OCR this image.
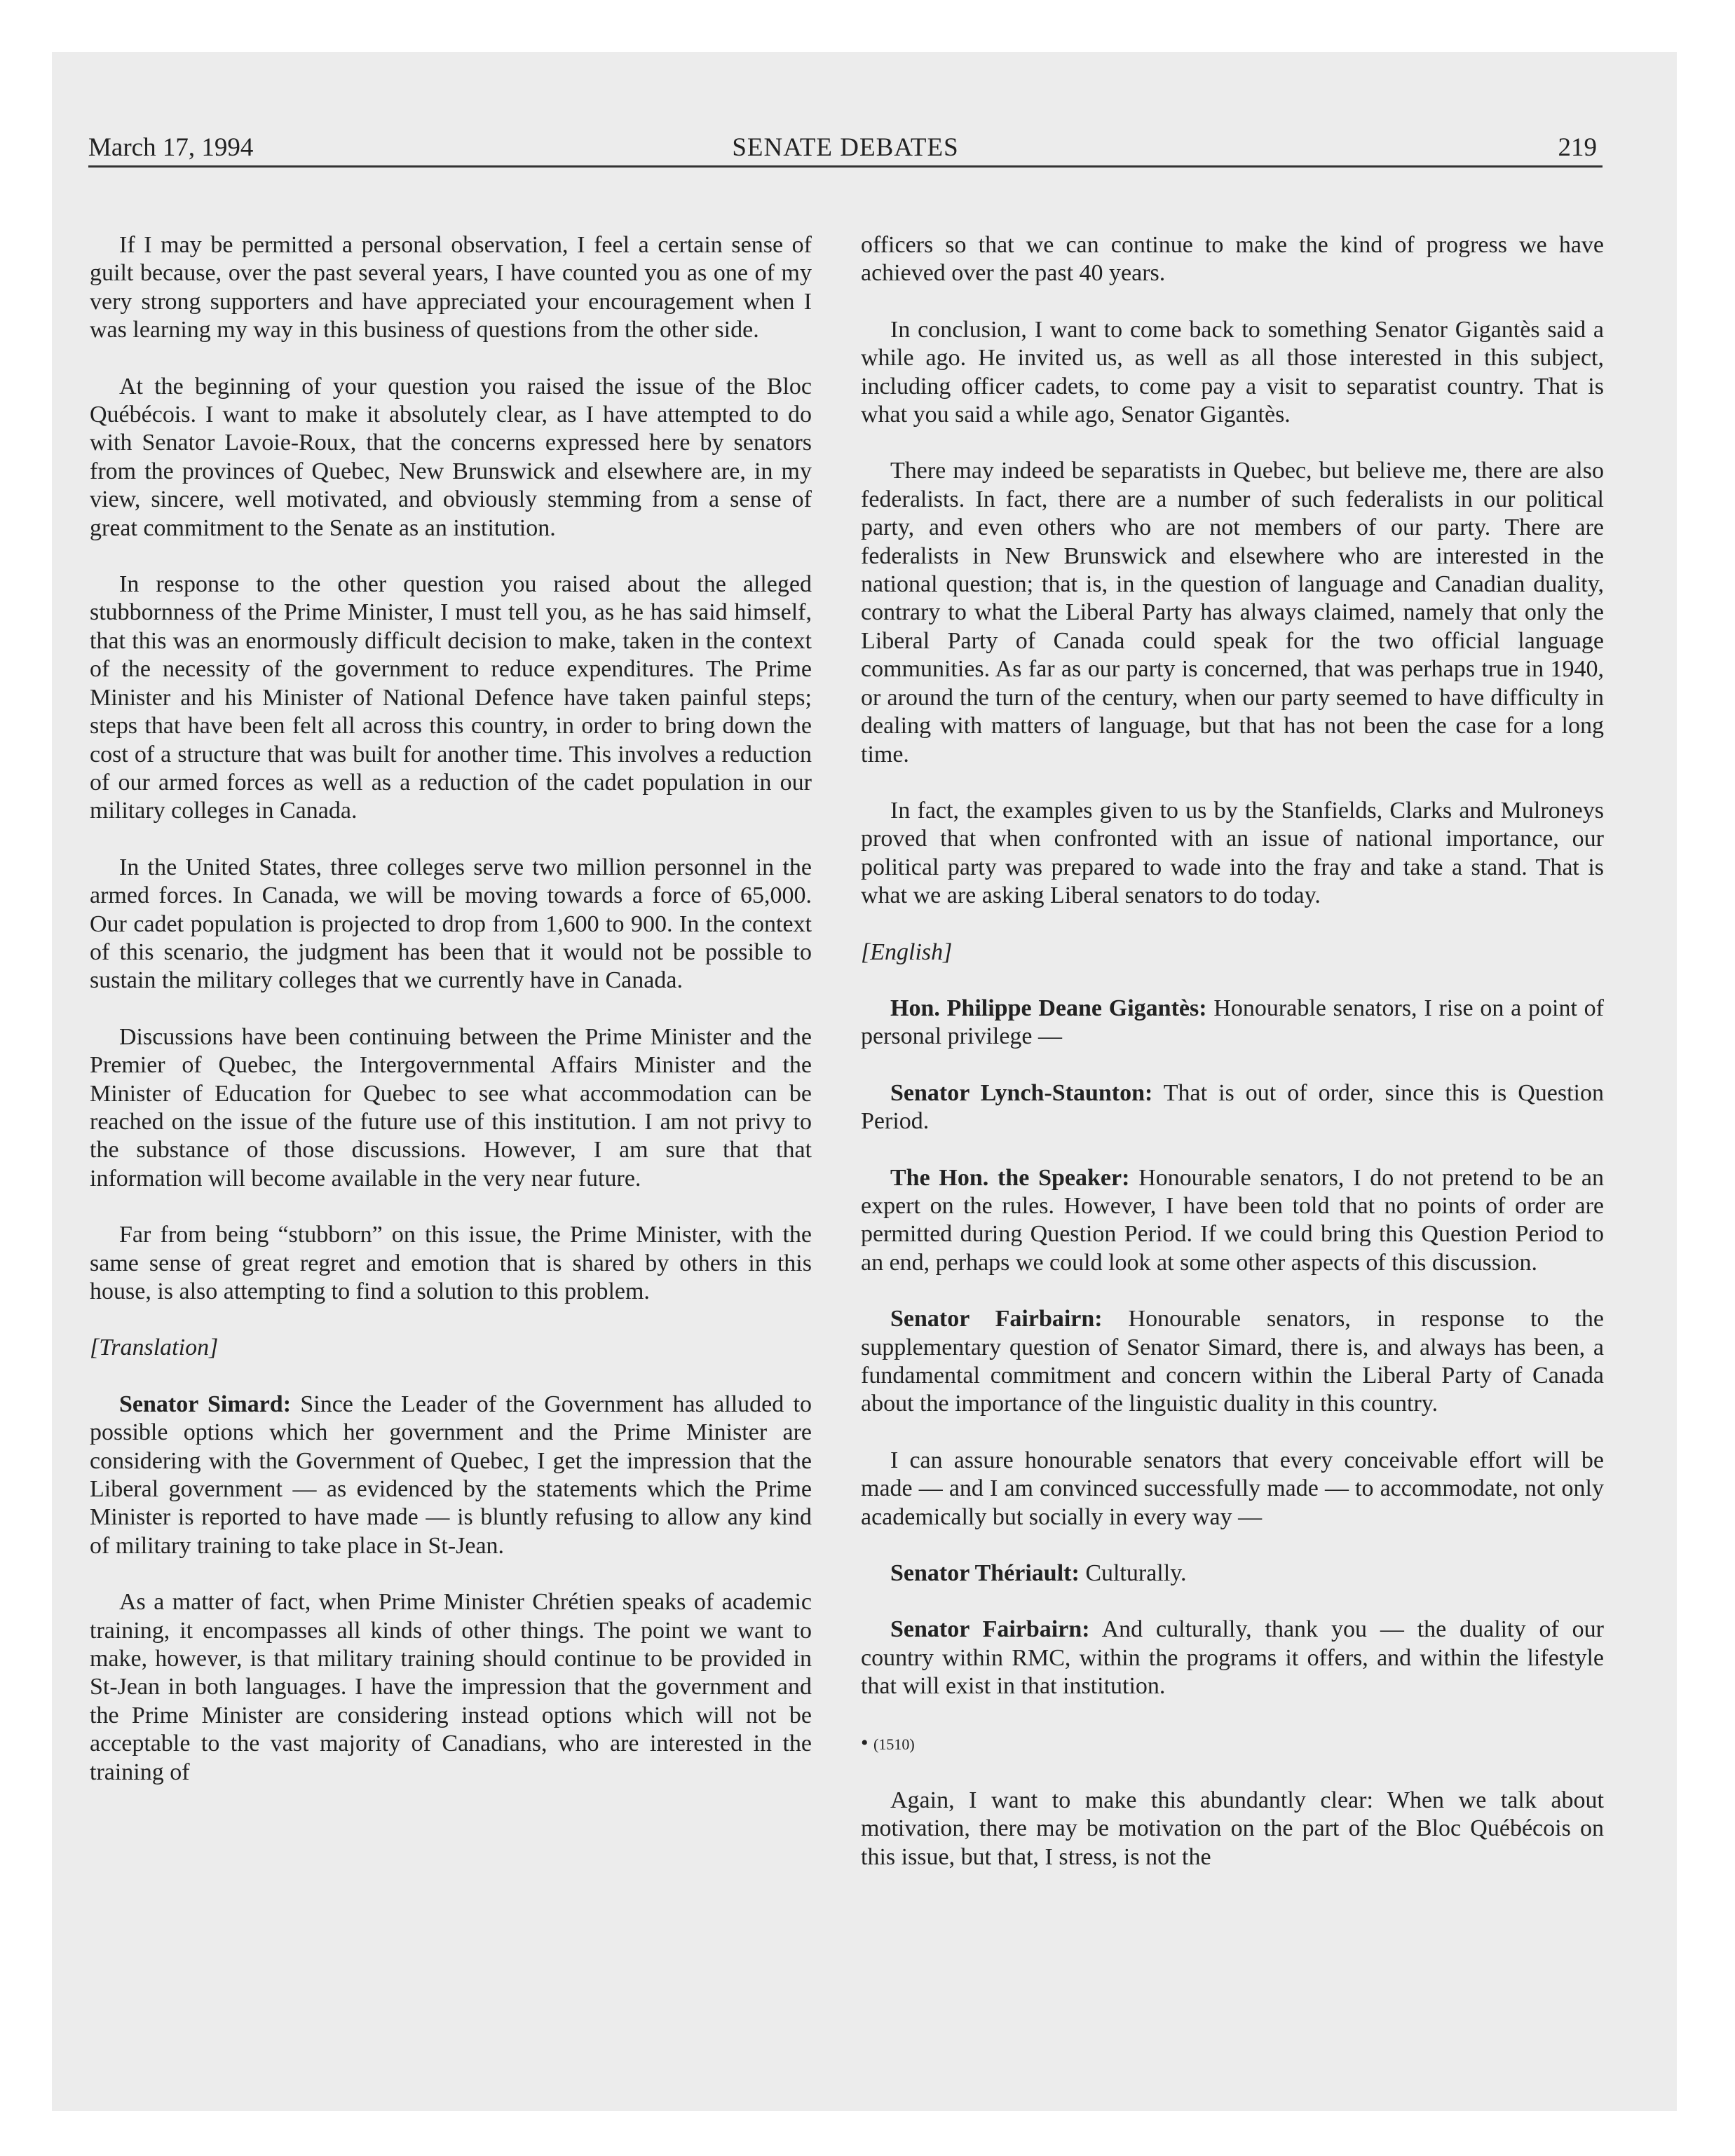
March 17, 1994	SENATE DEBATES	219

If I may be permitted a personal observation, I feel a certain sense of guilt because, over the past several years, I have counted you as one of my very strong supporters and have appreciated your encouragement when I was learning my way in this business of questions from the other side.

At the beginning of your question you raised the issue of the Bloc Québécois. I want to make it absolutely clear, as I have attempted to do with Senator Lavoie-Roux, that the concerns expressed here by senators from the provinces of Quebec, New Brunswick and elsewhere are, in my view, sincere, well motivated, and obviously stemming from a sense of great commitment to the Senate as an institution.

In response to the other question you raised about the alleged stubbornness of the Prime Minister, I must tell you, as he has said himself, that this was an enormously difficult decision to make, taken in the context of the necessity of the government to reduce expenditures. The Prime Minister and his Minister of National Defence have taken painful steps; steps that have been felt all across this country, in order to bring down the cost of a structure that was built for another time. This involves a reduction of our armed forces as well as a reduction of the cadet population in our military colleges in Canada.

In the United States, three colleges serve two million personnel in the armed forces. In Canada, we will be moving towards a force of 65,000. Our cadet population is projected to drop from 1,600 to 900. In the context of this scenario, the judgment has been that it would not be possible to sustain the military colleges that we currently have in Canada.

Discussions have been continuing between the Prime Minister and the Premier of Quebec, the Intergovernmental Affairs Minister and the Minister of Education for Quebec to see what accommodation can be reached on the issue of the future use of this institution. I am not privy to the substance of those discussions. However, I am sure that that information will become available in the very near future.

Far from being “stubborn” on this issue, the Prime Minister, with the same sense of great regret and emotion that is shared by others in this house, is also attempting to find a solution to this problem.

[Translation]

Senator Simard: Since the Leader of the Government has alluded to possible options which her government and the Prime Minister are considering with the Government of Quebec, I get the impression that the Liberal government — as evidenced by the statements which the Prime Minister is reported to have made — is bluntly refusing to allow any kind of military training to take place in St-Jean.

As a matter of fact, when Prime Minister Chrétien speaks of academic training, it encompasses all kinds of other things. The point we want to make, however, is that military training should continue to be provided in St-Jean in both languages. I have the impression that the government and the Prime Minister are considering instead options which will not be acceptable to the vast majority of Canadians, who are interested in the training of

officers so that we can continue to make the kind of progress we have achieved over the past 40 years.

In conclusion, I want to come back to something Senator Gigantès said a while ago. He invited us, as well as all those interested in this subject, including officer cadets, to come pay a visit to separatist country. That is what you said a while ago, Senator Gigantès.

There may indeed be separatists in Quebec, but believe me, there are also federalists. In fact, there are a number of such federalists in our political party, and even others who are not members of our party. There are federalists in New Brunswick and elsewhere who are interested in the national question; that is, in the question of language and Canadian duality, contrary to what the Liberal Party has always claimed, namely that only the Liberal Party of Canada could speak for the two official language communities. As far as our party is concerned, that was perhaps true in 1940, or around the turn of the century, when our party seemed to have difficulty in dealing with matters of language, but that has not been the case for a long time.

In fact, the examples given to us by the Stanfields, Clarks and Mulroneys proved that when confronted with an issue of national importance, our political party was prepared to wade into the fray and take a stand. That is what we are asking Liberal senators to do today.

[English]

Hon. Philippe Deane Gigantès: Honourable senators, I rise on a point of personal privilege —

Senator Lynch-Staunton: That is out of order, since this is Question Period.

The Hon. the Speaker: Honourable senators, I do not pretend to be an expert on the rules. However, I have been told that no points of order are permitted during Question Period. If we could bring this Question Period to an end, perhaps we could look at some other aspects of this discussion.

Senator Fairbairn: Honourable senators, in response to the supplementary question of Senator Simard, there is, and always has been, a fundamental commitment and concern within the Liberal Party of Canada about the importance of the linguistic duality in this country.

I can assure honourable senators that every conceivable effort will be made — and I am convinced successfully made — to accommodate, not only academically but socially in every way —

Senator Thériault: Culturally.

Senator Fairbairn: And culturally, thank you — the duality of our country within RMC, within the programs it offers, and within the lifestyle that will exist in that institution.

• (1510)

Again, I want to make this abundantly clear: When we talk about motivation, there may be motivation on the part of the Bloc Québécois on this issue, but that, I stress, is not the
